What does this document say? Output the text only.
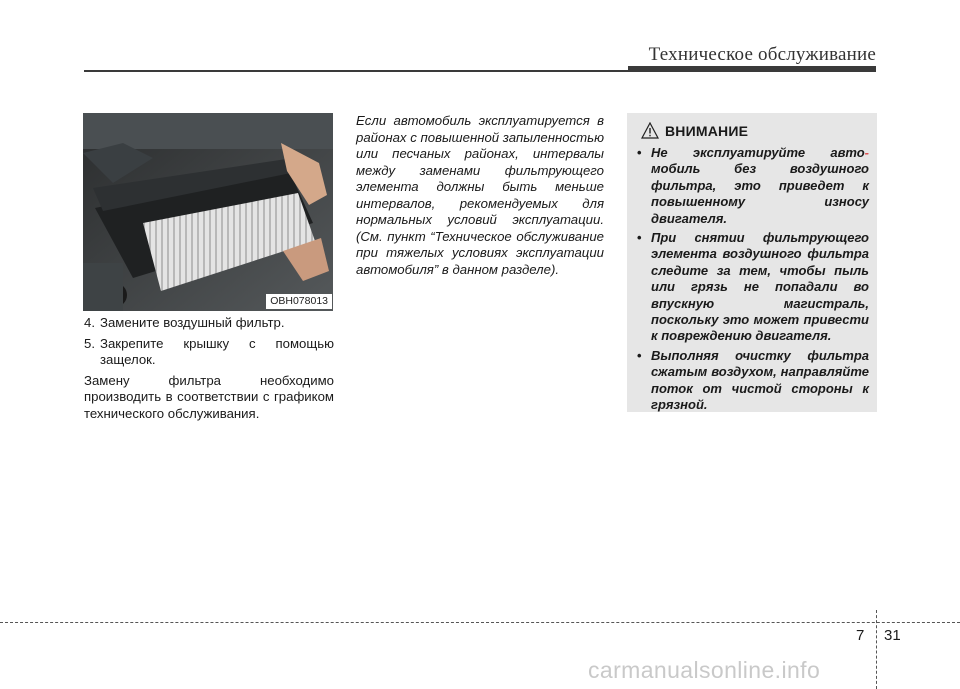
Техническое обслуживание
OBH078013
4. Замените воздушный фильтр.
5. Закрепите крышку с помощью
защелок.

Замену фильтра необходимо производить в соответствии с графиком технического обслуживания.

Если автомобиль эксплуатируется в районах с повышенной запыленностью или песчаных районах, интервалы между заменами фильтрующего элемента должны быть меньше интервалов, рекомендуемых для нормальных условий эксплуатации. (См. пункт “Техническое обслуживание при тяжелых условиях эксплуатации автомобиля” в данном разделе).
ВНИМАНИЕ
• Не эксплуатируйте авто- мобиль без воздушного фильтра, это приведет к повышенному износу двигателя.
• При снятии фильтрующего элемента воздушного фильтра следите за тем, чтобы пыль или грязь не попадали во впускную магистраль, поскольку это может привести к повреждению двигателя.
• Выполняя очистку фильтра сжатым воздухом, направляйте поток от чистой стороны к грязной.
7 31
carmanualsonline.info
